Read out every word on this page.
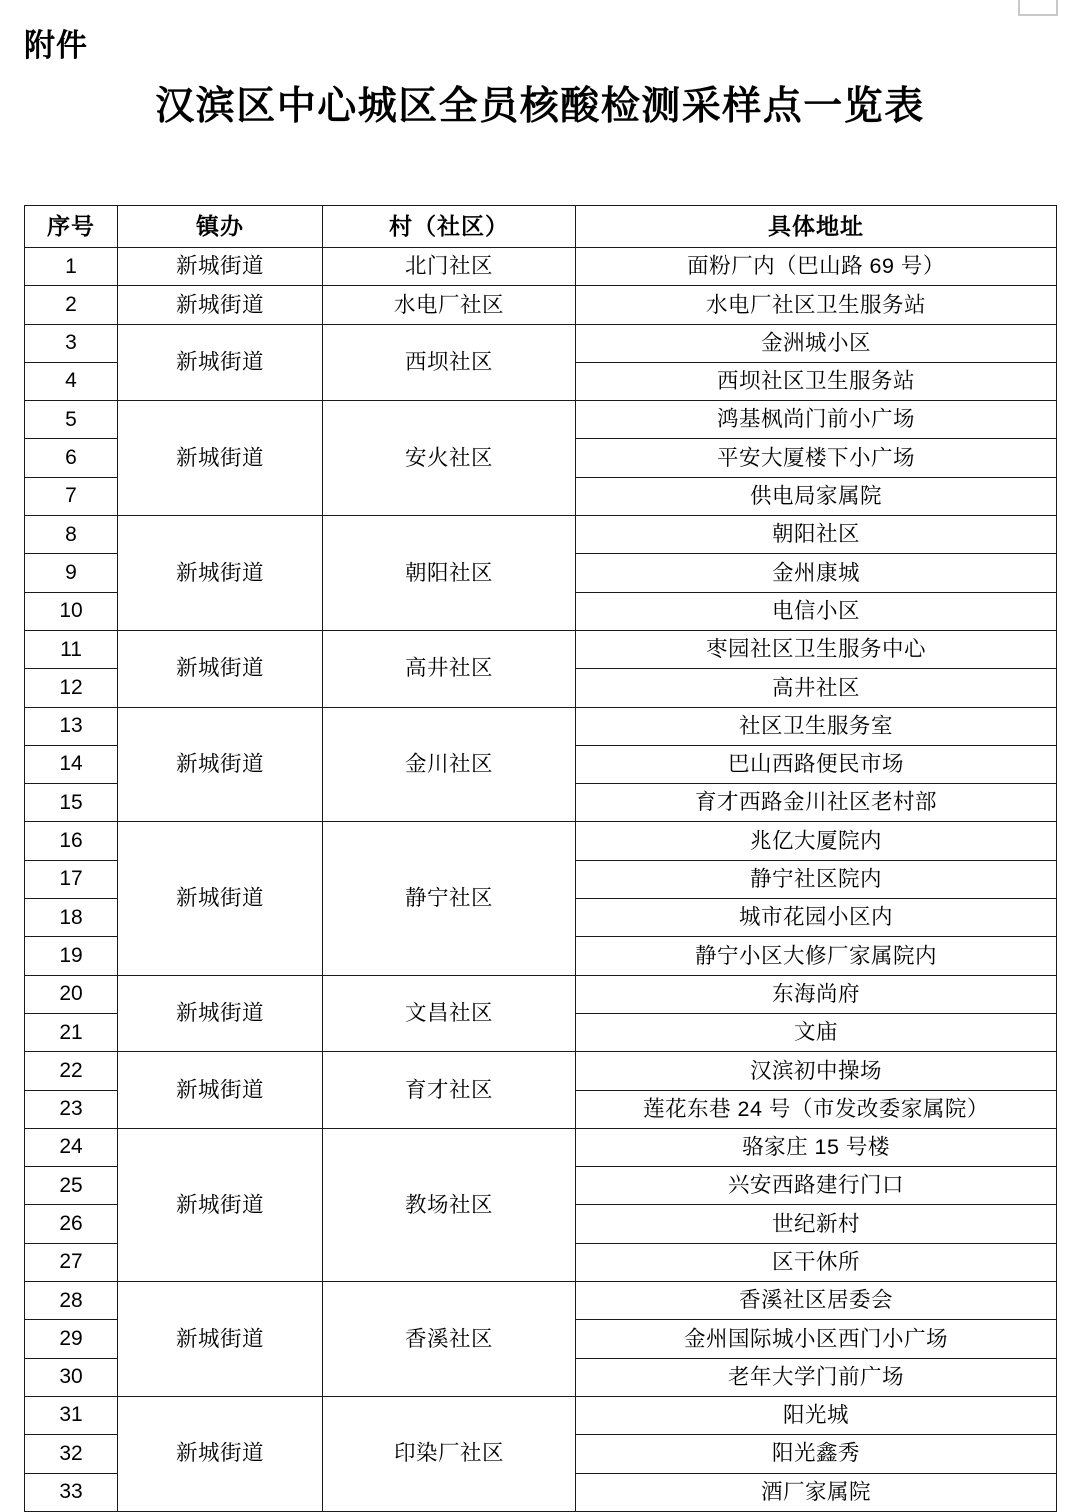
附件
汉滨区中心城区全员核酸检测采样点一览表
序号	镇办	村（社区）	具体地址
1	新城街道	北门社区	面粉厂内（巴山路 69 号）
2	新城街道	水电厂社区	水电厂社区卫生服务站
3	新城街道	西坝社区	金洲城小区
4			西坝社区卫生服务站
5	新城街道	安火社区	鸿基枫尚门前小广场
6			平安大厦楼下小广场
7			供电局家属院
8	新城街道	朝阳社区	朝阳社区
9			金州康城
10			电信小区
11	新城街道	高井社区	枣园社区卫生服务中心
12			高井社区
13	新城街道	金川社区	社区卫生服务室
14			巴山西路便民市场
15			育才西路金川社区老村部
16	新城街道	静宁社区	兆亿大厦院内
17			静宁社区院内
18			城市花园小区内
19			静宁小区大修厂家属院内
20	新城街道	文昌社区	东海尚府
21			文庙
22	新城街道	育才社区	汉滨初中操场
23			莲花东巷 24 号（市发改委家属院）
24	新城街道	教场社区	骆家庄 15 号楼
25			兴安西路建行门口
26			世纪新村
27			区干休所
28	新城街道	香溪社区	香溪社区居委会
29			金州国际城小区西门小广场
30			老年大学门前广场
31	新城街道	印染厂社区	阳光城
32			阳光鑫秀
33			酒厂家属院
